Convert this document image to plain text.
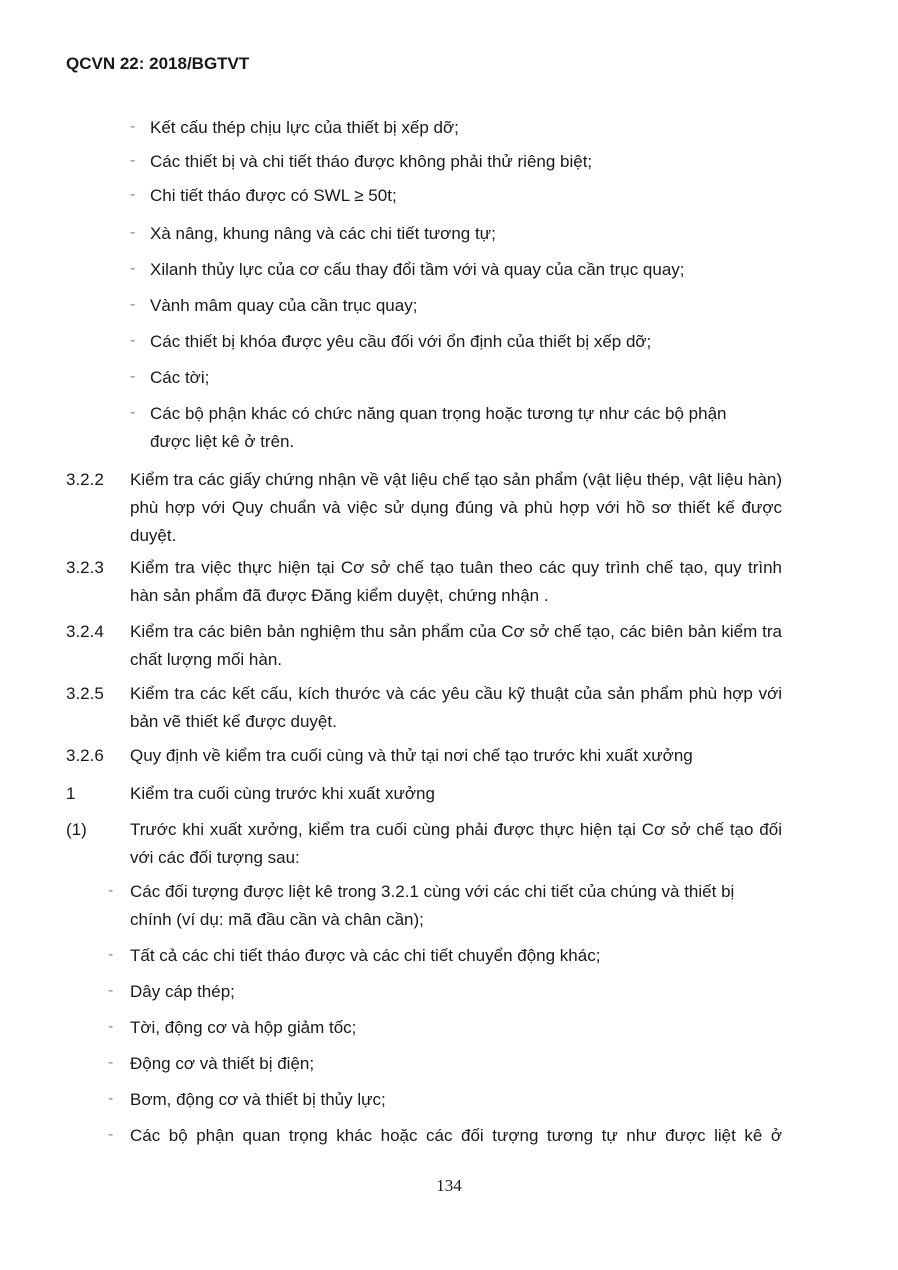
QCVN 22: 2018/BGTVT
- Kết cấu thép chịu lực của thiết bị xếp dỡ;
- Các thiết bị và chi tiết tháo được không phải thử riêng biệt;
- Chi tiết tháo được có SWL ≥ 50t;
- Xà nâng, khung nâng và các chi tiết tương tự;
- Xilanh thủy lực của cơ cấu thay đổi tầm với và quay của cần trục quay;
- Vành mâm quay của cần trục quay;
- Các thiết bị khóa được yêu cầu đối với ổn định của thiết bị xếp dỡ;
- Các tời;
- Các bộ phận khác có chức năng quan trọng hoặc tương tự như các bộ phận
được liệt kê ở trên.
3.2.2 Kiểm tra các giấy chứng nhận về vật liệu chế tạo sản phẩm (vật liệu thép, vật liệu hàn) phù hợp với Quy chuẩn và việc sử dụng đúng và phù hợp với hồ sơ thiết kế được duyệt.
3.2.3 Kiểm tra việc thực hiện tại Cơ sở chế tạo tuân theo các quy trình chế tạo, quy trình hàn sản phẩm đã được Đăng kiểm duyệt, chứng nhận .
3.2.4 Kiểm tra các biên bản nghiệm thu sản phẩm của Cơ sở chế tạo, các biên bản kiểm tra chất lượng mối hàn.
3.2.5 Kiểm tra các kết cấu, kích thước và các yêu cầu kỹ thuật của sản phẩm phù hợp với bản vẽ thiết kế được duyệt.
3.2.6 Quy định về kiểm tra cuối cùng và thử tại nơi chế tạo trước khi xuất xưởng
1	Kiểm tra cuối cùng trước khi xuất xưởng
(1)	Trước khi xuất xưởng, kiểm tra cuối cùng phải được thực hiện tại Cơ sở chế tạo đối với các đối tượng sau:
- Các đối tượng được liệt kê trong 3.2.1 cùng với các chi tiết của chúng và thiết bị
chính (ví dụ: mã đầu cần và chân cần);
- Tất cả các chi tiết tháo được và các chi tiết chuyển động khác;
- Dây cáp thép;
- Tời, động cơ và hộp giảm tốc;
- Động cơ và thiết bị điện;
- Bơm, động cơ và thiết bị thủy lực;
- Các bộ phận quan trọng khác hoặc các đối tượng tương tự như được liệt kê ở
134
